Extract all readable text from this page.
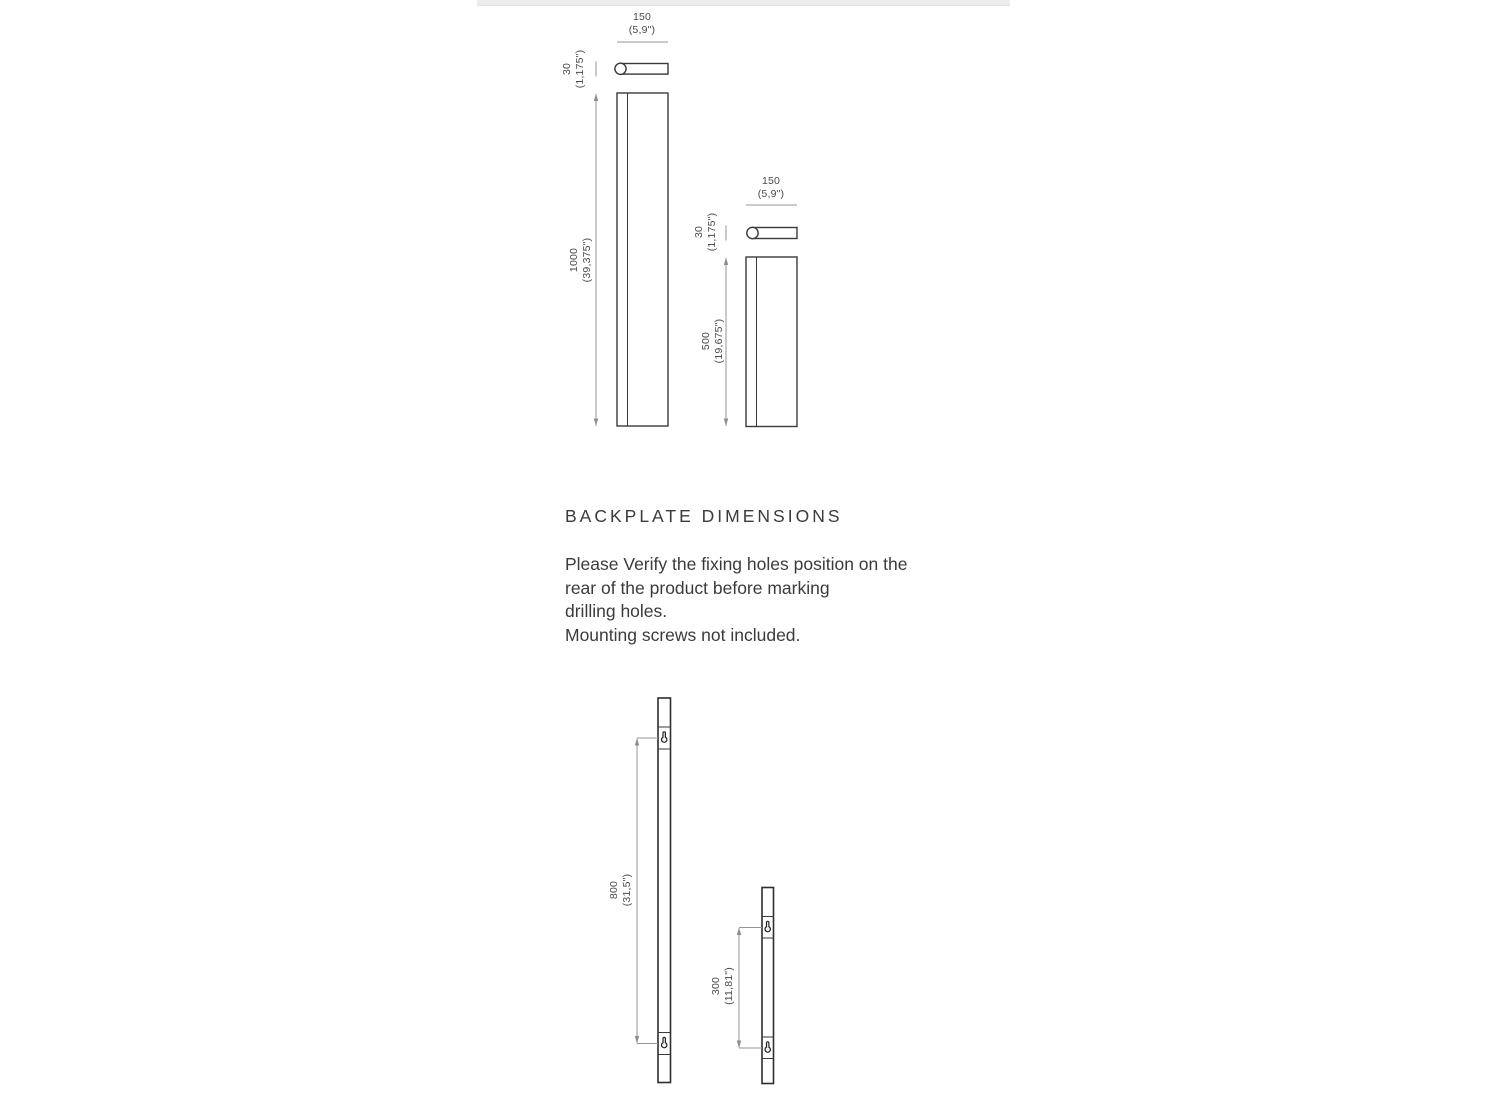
150
(5,9")
30 (1,175")
1000 (39,375")
150
(5,9")
30 (1,175")
500 (19,675")
800 (31,5")
300 (11,81")
BACKPLATE DIMENSIONS
Please Verify the fixing holes position on the
rear of the product before marking
drilling holes.
Mounting screws not included.
